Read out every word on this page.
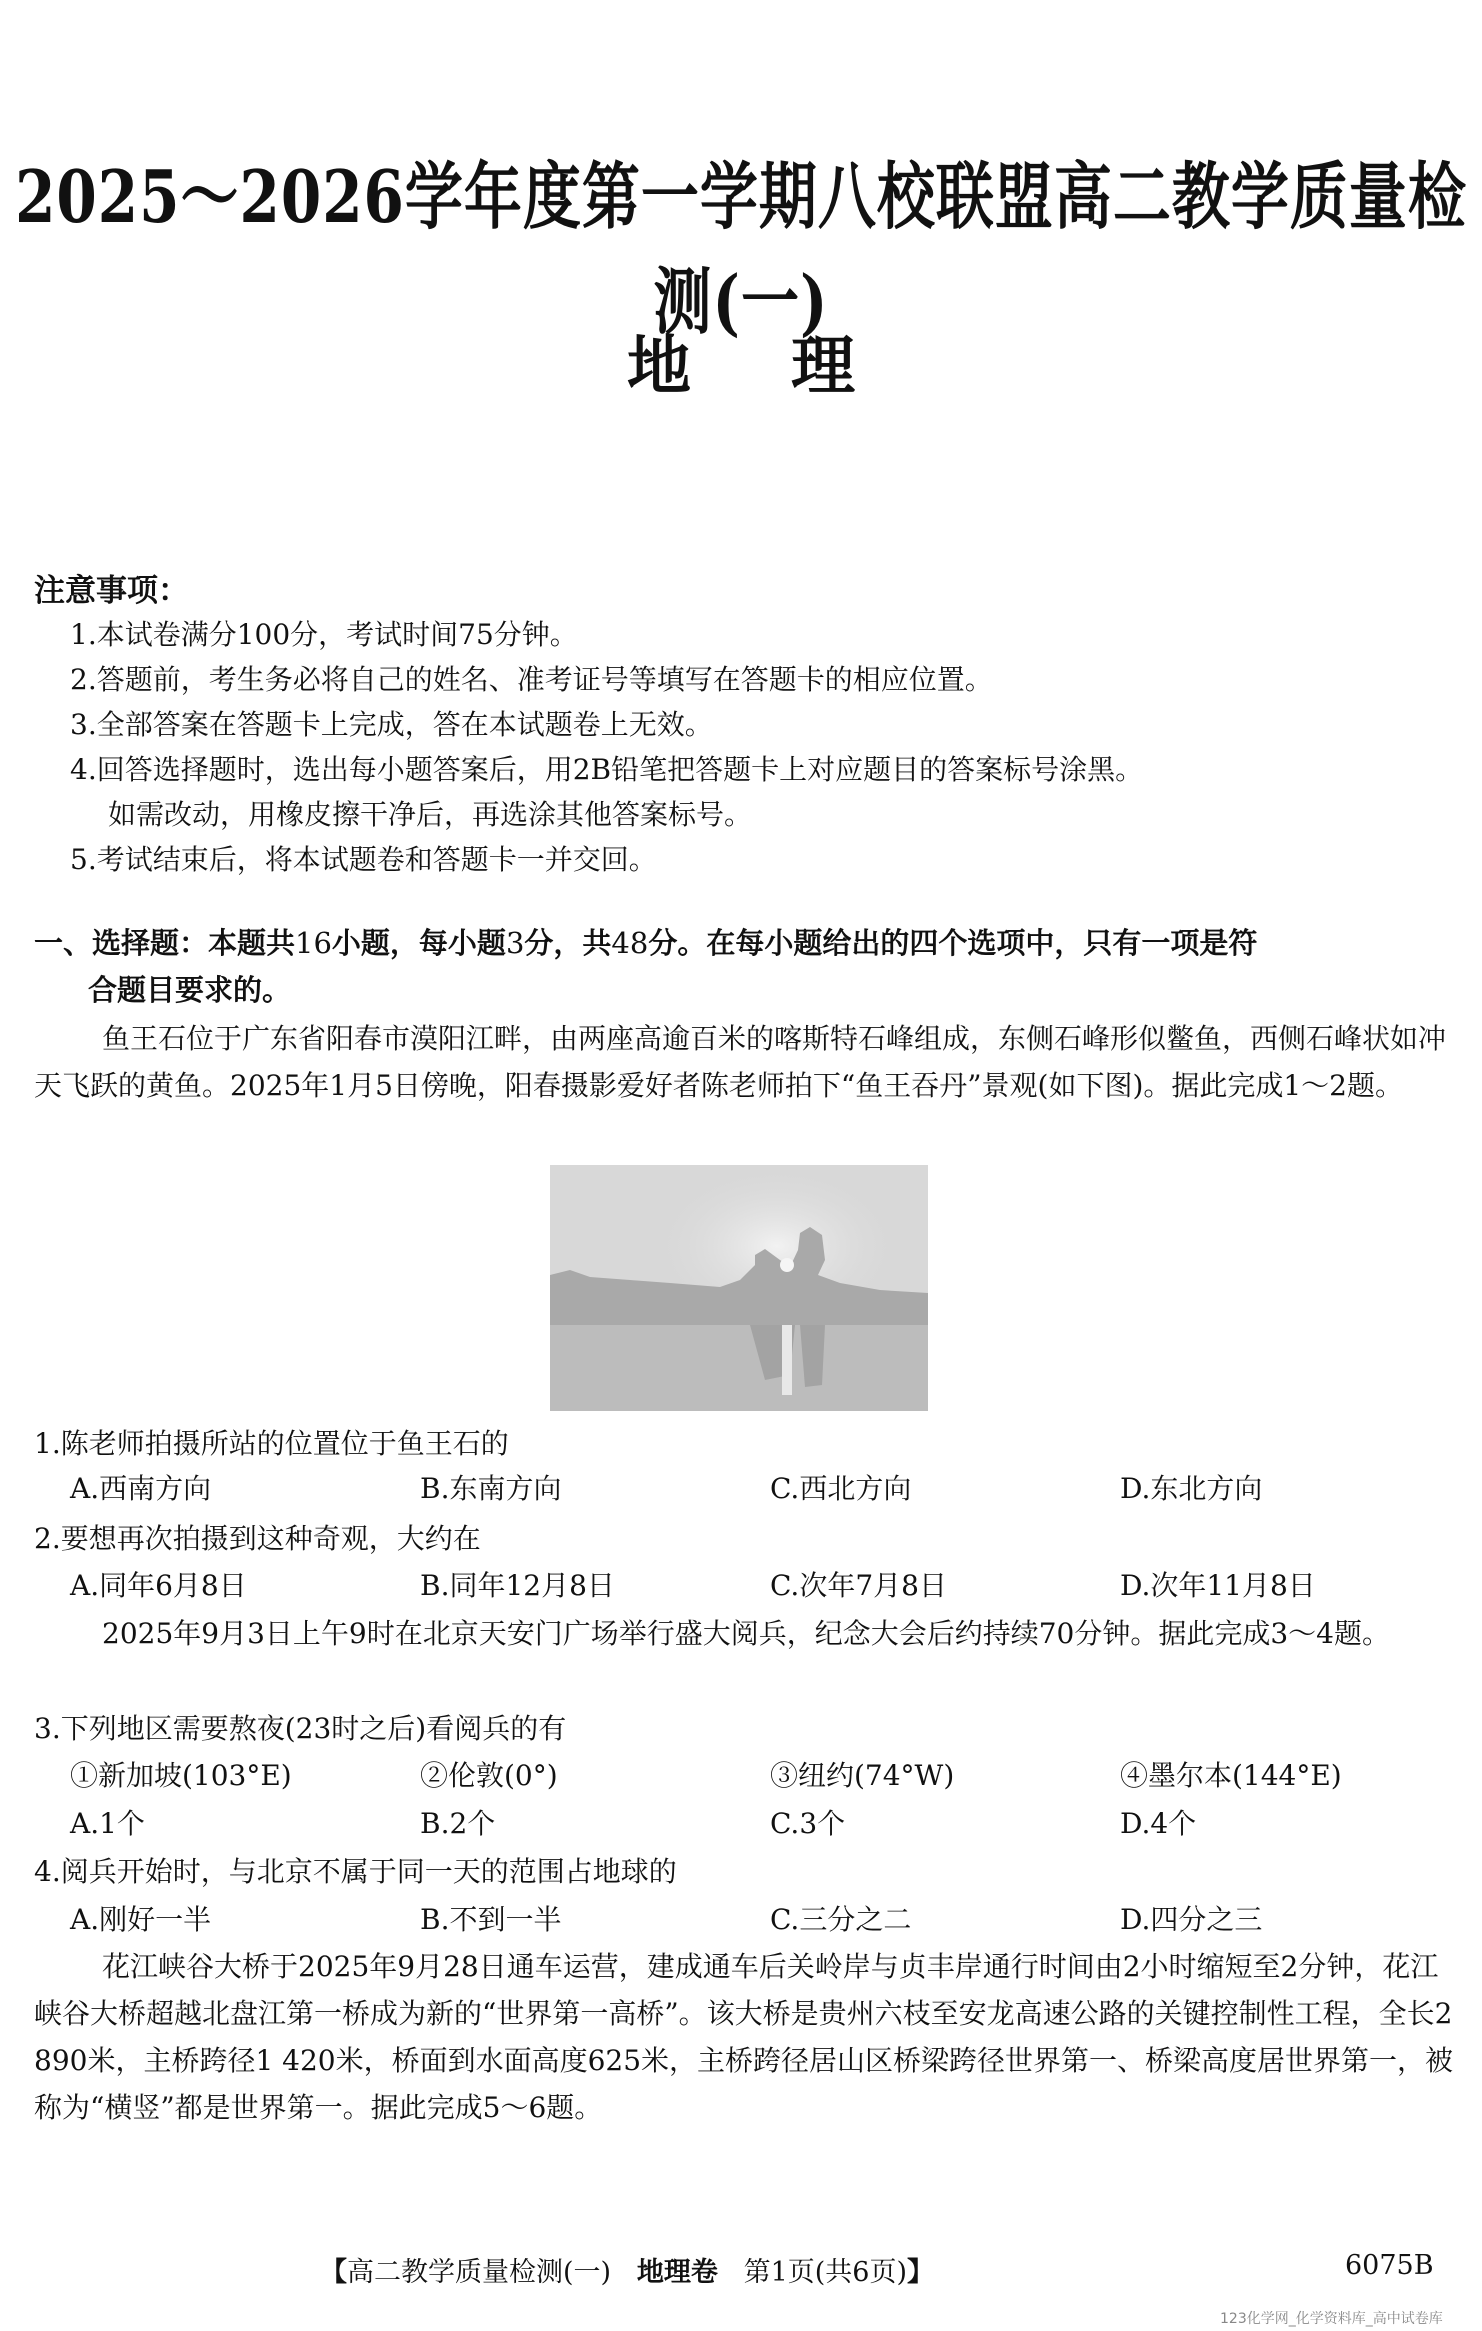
2025～2026学年度第一学期八校联盟高二教学质量检测(一)
地 理
注意事项：
1.本试卷满分100分，考试时间75分钟。
2.答题前，考生务必将自己的姓名、准考证号等填写在答题卡的相应位置。
3.全部答案在答题卡上完成，答在本试题卷上无效。
4.回答选择题时，选出每小题答案后，用2B铅笔把答题卡上对应题目的答案标号涂黑。
如需改动，用橡皮擦干净后，再选涂其他答案标号。
5.考试结束后，将本试题卷和答题卡一并交回。
一、选择题：本题共16小题，每小题3分，共48分。在每小题给出的四个选项中，只有一项是符
合题目要求的。
鱼王石位于广东省阳春市漠阳江畔，由两座高逾百米的喀斯特石峰组成，东侧石峰形似鳖鱼，西侧石峰状如冲天飞跃的黄鱼。2025年1月5日傍晚，阳春摄影爱好者陈老师拍下“鱼王吞丹”景观(如下图)。据此完成1～2题。
1.陈老师拍摄所站的位置位于鱼王石的
A.西南方向	B.东南方向	C.西北方向	D.东北方向
2.要想再次拍摄到这种奇观，大约在
A.同年6月8日	B.同年12月8日	C.次年7月8日	D.次年11月8日
2025年9月3日上午9时在北京天安门广场举行盛大阅兵，纪念大会后约持续70分钟。据此完成3～4题。
3.下列地区需要熬夜(23时之后)看阅兵的有
①新加坡(103°E)	②伦敦(0°)	③纽约(74°W)	④墨尔本(144°E)
A.1个	B.2个	C.3个	D.4个
4.阅兵开始时，与北京不属于同一天的范围占地球的
A.刚好一半	B.不到一半	C.三分之二	D.四分之三
花江峡谷大桥于2025年9月28日通车运营，建成通车后关岭岸与贞丰岸通行时间由2小时缩短至2分钟，花江峡谷大桥超越北盘江第一桥成为新的“世界第一高桥”。该大桥是贵州六枝至安龙高速公路的关键控制性工程，全长2 890米，主桥跨径1 420米，桥面到水面高度625米，主桥跨径居山区桥梁跨径世界第一、桥梁高度居世界第一，被称为“横竖”都是世界第一。据此完成5～6题。
【高二教学质量检测(一) 地理卷 第1页(共6页)】	6075B
123化学网_化学资料库_高中试卷库
